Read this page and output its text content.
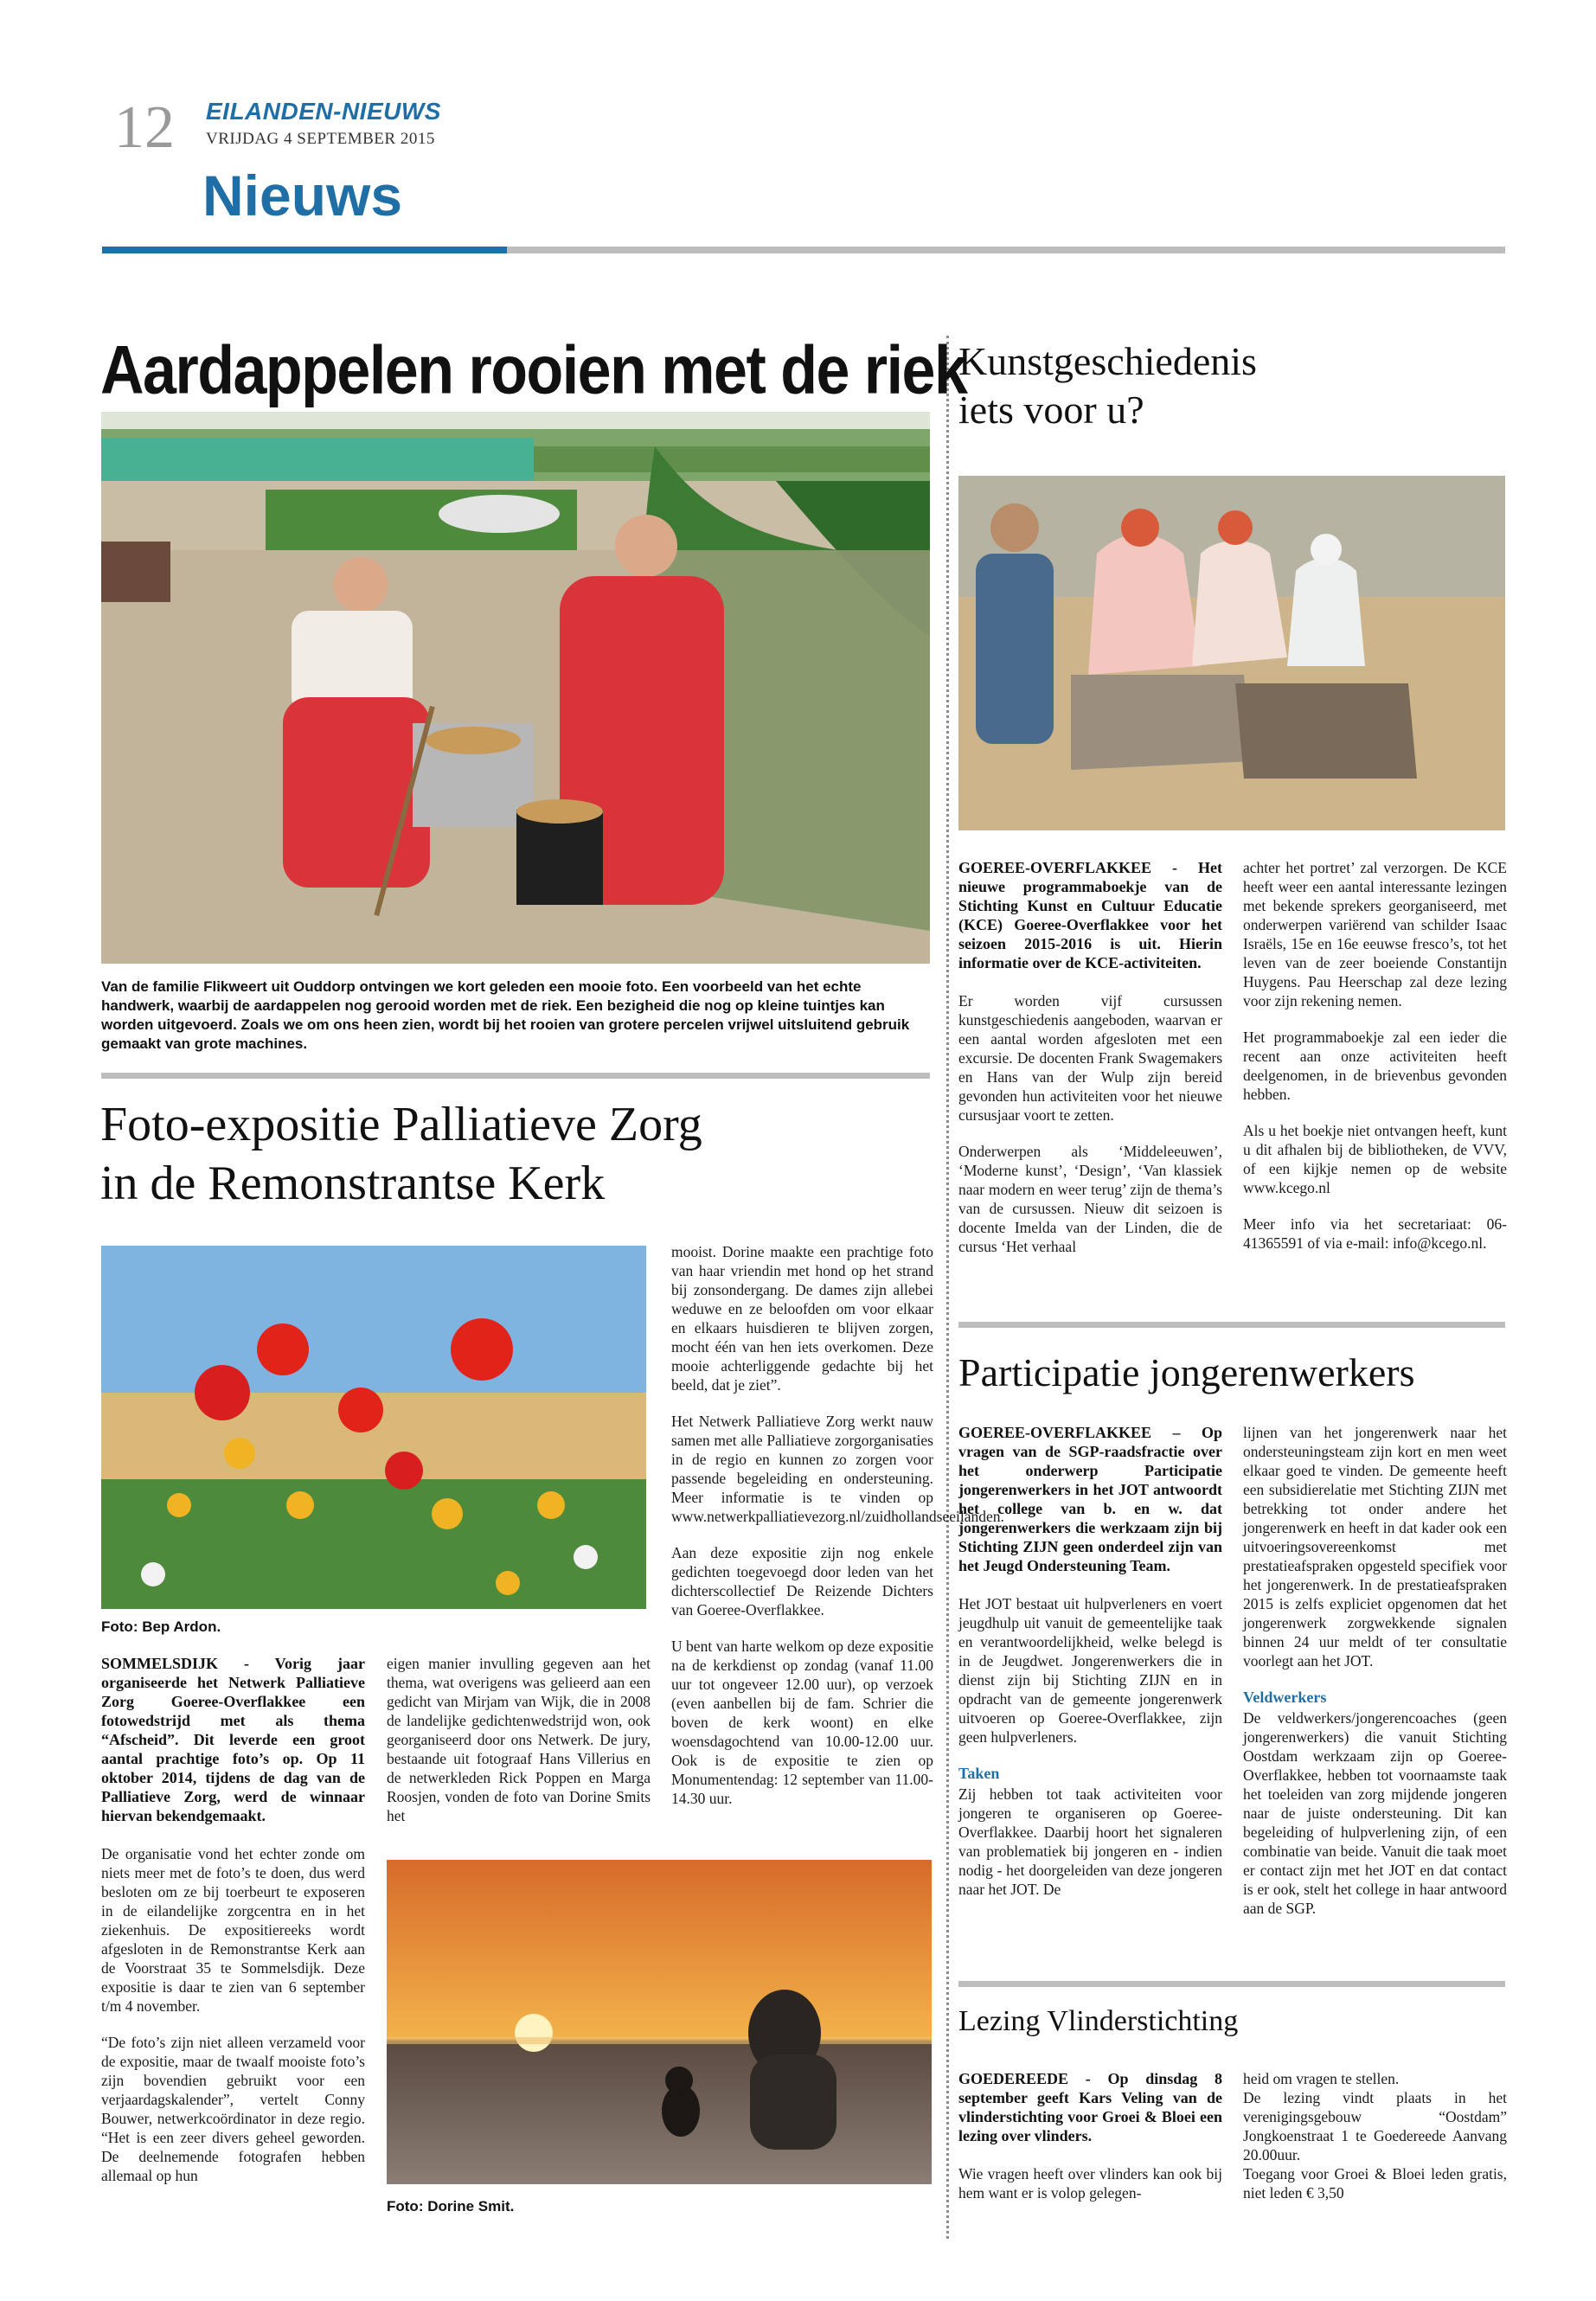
12 EILANDEN-NIEUWS
VRIJDAG 4 SEPTEMBER 2015
Nieuws
Aardappelen rooien met de riek
Van de familie Flikweert uit Ouddorp ontvingen we kort geleden een mooie foto. Een voorbeeld van het echte handwerk, waarbij de aardappelen nog gerooid worden met de riek. Een bezigheid die nog op kleine tuintjes kan worden uitgevoerd. Zoals we om ons heen zien, wordt bij het rooien van grotere percelen vrijwel uitsluitend gebruik gemaakt van grote machines.
Foto-expositie Palliatieve Zorg
in de Remonstrantse Kerk
Foto: Bep Ardon.

SOMMELSDIJK - Vorig jaar organiseerde het Netwerk Palliatieve Zorg Goeree-Overflakkee een fotowedstrijd met als thema “Afscheid”. Dit leverde een groot aantal prachtige foto’s op. Op 11 oktober 2014, tijdens de dag van de Palliatieve Zorg, werd de winnaar hiervan bekendgemaakt.

De organisatie vond het echter zonde om niets meer met de foto’s te doen, dus werd besloten om ze bij toerbeurt te exposeren in de eilandelijke zorgcentra en in het ziekenhuis. De expositiereeks wordt afgesloten in de Remonstrantse Kerk aan de Voorstraat 35 te Sommelsdijk. Deze expositie is daar te zien van 6 september t/m 4 november.

“De foto’s zijn niet alleen verzameld voor de expositie, maar de twaalf mooiste foto’s zijn bovendien gebruikt voor een verjaardagskalender”, vertelt Conny Bouwer, netwerkcoördinator in deze regio. “Het is een zeer divers geheel geworden. De deelnemende fotografen hebben allemaal op hun

eigen manier invulling gegeven aan het thema, wat overigens was gelieerd aan een gedicht van Mirjam van Wijk, die in 2008 de landelijke gedichtenwedstrijd won, ook georganiseerd door ons Netwerk. De jury, bestaande uit fotograaf Hans Villerius en de netwerkleden Rick Poppen en Marga Roosjen, vonden de foto van Dorine Smits het

Foto: Dorine Smit.

mooist. Dorine maakte een prachtige foto van haar vriendin met hond op het strand bij zonsondergang. De dames zijn allebei weduwe en ze beloofden om voor elkaar en elkaars huisdieren te blijven zorgen, mocht één van hen iets overkomen. Deze mooie achterliggende gedachte bij het beeld, dat je ziet”.

Het Netwerk Palliatieve Zorg werkt nauw samen met alle Palliatieve zorgorganisaties in de regio en kunnen zo zorgen voor passende begeleiding en ondersteuning. Meer informatie is te vinden op www.netwerkpalliatievezorg.nl/zuidhollandseeilanden.

Aan deze expositie zijn nog enkele gedichten toegevoegd door leden van het dichterscollectief De Reizende Dichters van Goeree-Overflakkee.

U bent van harte welkom op deze expositie na de kerkdienst op zondag (vanaf 11.00 uur tot ongeveer 12.00 uur), op verzoek (even aanbellen bij de fam. Schrier die boven de kerk woont) en elke woensdagochtend van 10.00-12.00 uur. Ook is de expositie te zien op Monumentendag: 12 september van 11.00-14.30 uur.

Kunstgeschiedenis
iets voor u?

GOEREE-OVERFLAKKEE - Het nieuwe programmaboekje van de Stichting Kunst en Cultuur Educatie (KCE) Goeree-Overflakkee voor het seizoen 2015-2016 is uit. Hierin informatie over de KCE-activiteiten.

Er worden vijf cursussen kunstgeschiedenis aangeboden, waarvan er een aantal worden afgesloten met een excursie. De docenten Frank Swagemakers en Hans van der Wulp zijn bereid gevonden hun activiteiten voor het nieuwe cursusjaar voort te zetten.

Onderwerpen als ‘Middeleeuwen’, ‘Moderne kunst’, ‘Design’, ‘Van klassiek naar modern en weer terug’ zijn de thema’s van de cursussen. Nieuw dit seizoen is docente Imelda van der Linden, die de cursus ‘Het verhaal

achter het portret’ zal verzorgen. De KCE heeft weer een aantal interessante lezingen met bekende sprekers georganiseerd, met onderwerpen variërend van schilder Isaac Israëls, 15e en 16e eeuwse fresco’s, tot het leven van de zeer boeiende Constantijn Huygens. Pau Heerschap zal deze lezing voor zijn rekening nemen.

Het programmaboekje zal een ieder die recent aan onze activiteiten heeft deelgenomen, in de brievenbus gevonden hebben.

Als u het boekje niet ontvangen heeft, kunt u dit afhalen bij de bibliotheken, de VVV, of een kijkje nemen op de website www.kcego.nl

Meer info via het secretariaat: 06-41365591 of via e-mail: info@kcego.nl.

Participatie jongerenwerkers

GOEREE-OVERFLAKKEE – Op vragen van de SGP-raadsfractie over het onderwerp Participatie jongerenwerkers in het JOT antwoordt het college van b. en w. dat jongerenwerkers die werkzaam zijn bij Stichting ZIJN geen onderdeel zijn van het Jeugd Ondersteuning Team.

Het JOT bestaat uit hulpverleners en voert jeugdhulp uit vanuit de gemeentelijke taak en verantwoordelijkheid, welke belegd is in de Jeugdwet. Jongerenwerkers die in dienst zijn bij Stichting ZIJN en in opdracht van de gemeente jongerenwerk uitvoeren op Goeree-Overflakkee, zijn geen hulpverleners.

Taken

Zij hebben tot taak activiteiten voor jongeren te organiseren op Goeree-Overflakkee. Daarbij hoort het signaleren van problematiek bij jongeren en - indien nodig - het doorgeleiden van deze jongeren naar het JOT. De

lijnen van het jongerenwerk naar het ondersteuningsteam zijn kort en men weet elkaar goed te vinden. De gemeente heeft een subsidierelatie met Stichting ZIJN met betrekking tot onder andere het jongerenwerk en heeft in dat kader ook een uitvoeringsovereenkomst met prestatieafspraken opgesteld specifiek voor het jongerenwerk. In de prestatieafspraken 2015 is zelfs expliciet opgenomen dat het jongerenwerk zorgwekkende signalen binnen 24 uur meldt of ter consultatie voorlegt aan het JOT.

Veldwerkers

De veldwerkers/jongerencoaches (geen jongerenwerkers) die vanuit Stichting Oostdam werkzaam zijn op Goeree-Overflakkee, hebben tot voornaamste taak het toeleiden van zorg mijdende jongeren naar de juiste ondersteuning. Dit kan begeleiding of hulpverlening zijn, of een combinatie van beide. Vanuit die taak moet er contact zijn met het JOT en dat contact is er ook, stelt het college in haar antwoord aan de SGP.

Lezing Vlinderstichting

GOEDEREEDE - Op dinsdag 8 september geeft Kars Veling van de vlinderstichting voor Groei & Bloei een lezing over vlinders.

Wie vragen heeft over vlinders kan ook bij hem want er is volop gelegen-

heid om vragen te stellen.

De lezing vindt plaats in het verenigingsgebouw “Oostdam” Jongkoenstraat 1 te Goedereede Aanvang 20.00uur.

Toegang voor Groei & Bloei leden gratis, niet leden € 3,50
